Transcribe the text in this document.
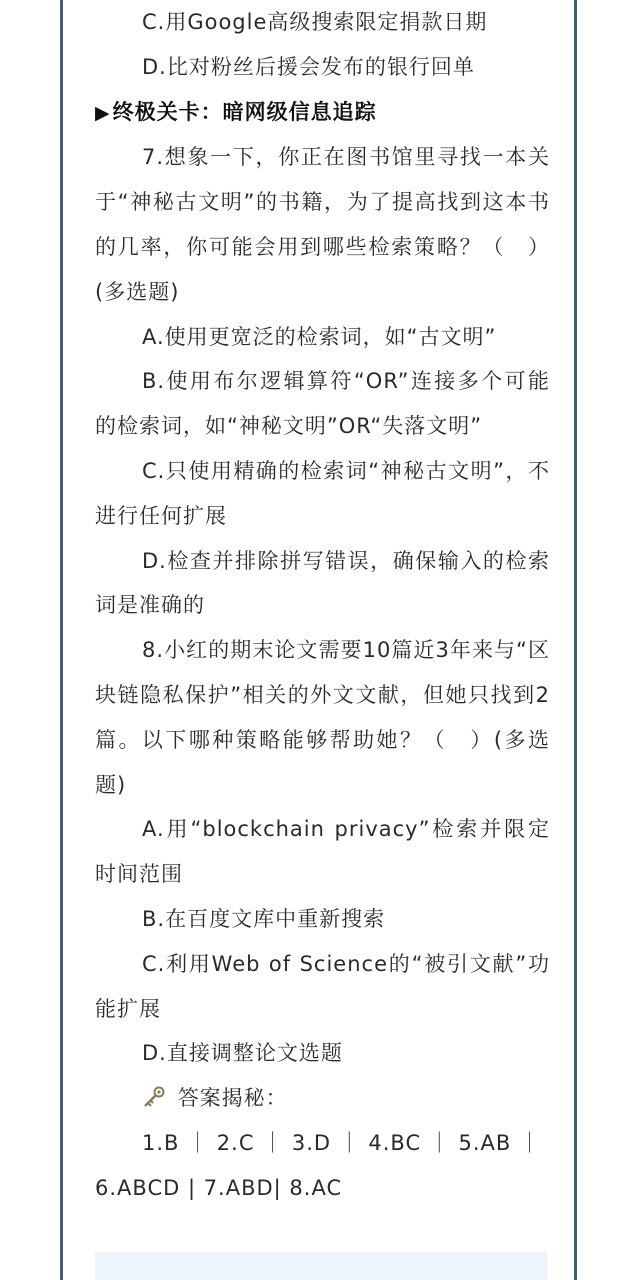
C.用Google高级搜索限定捐款日期

D.比对粉丝后援会发布的银行回单

▶终极关卡：暗网级信息追踪

7.想象一下，你正在图书馆里寻找一本关于“神秘古文明”的书籍，为了提高找到这本书的几率，你可能会用到哪些检索策略？（　）(多选题)

A.使用更宽泛的检索词，如“古文明”

B.使用布尔逻辑算符“OR”连接多个可能的检索词，如“神秘文明”OR“失落文明”

C.只使用精确的检索词“神秘古文明”，不进行任何扩展

D.检查并排除拼写错误，确保输入的检索词是准确的

8.小红的期末论文需要10篇近3年来与“区块链隐私保护”相关的外文文献，但她只找到2篇。以下哪种策略能够帮助她？（　）(多选题)

A.用“blockchain privacy”检索并限定时间范围

B.在百度文库中重新搜索

C.利用Web of Science的“被引文献”功能扩展

D.直接调整论文选题

答案揭秘：

1.B ｜ 2.C ｜ 3.D ｜ 4.BC ｜ 5.AB ｜

6.ABCD | 7.ABD| 8.AC
